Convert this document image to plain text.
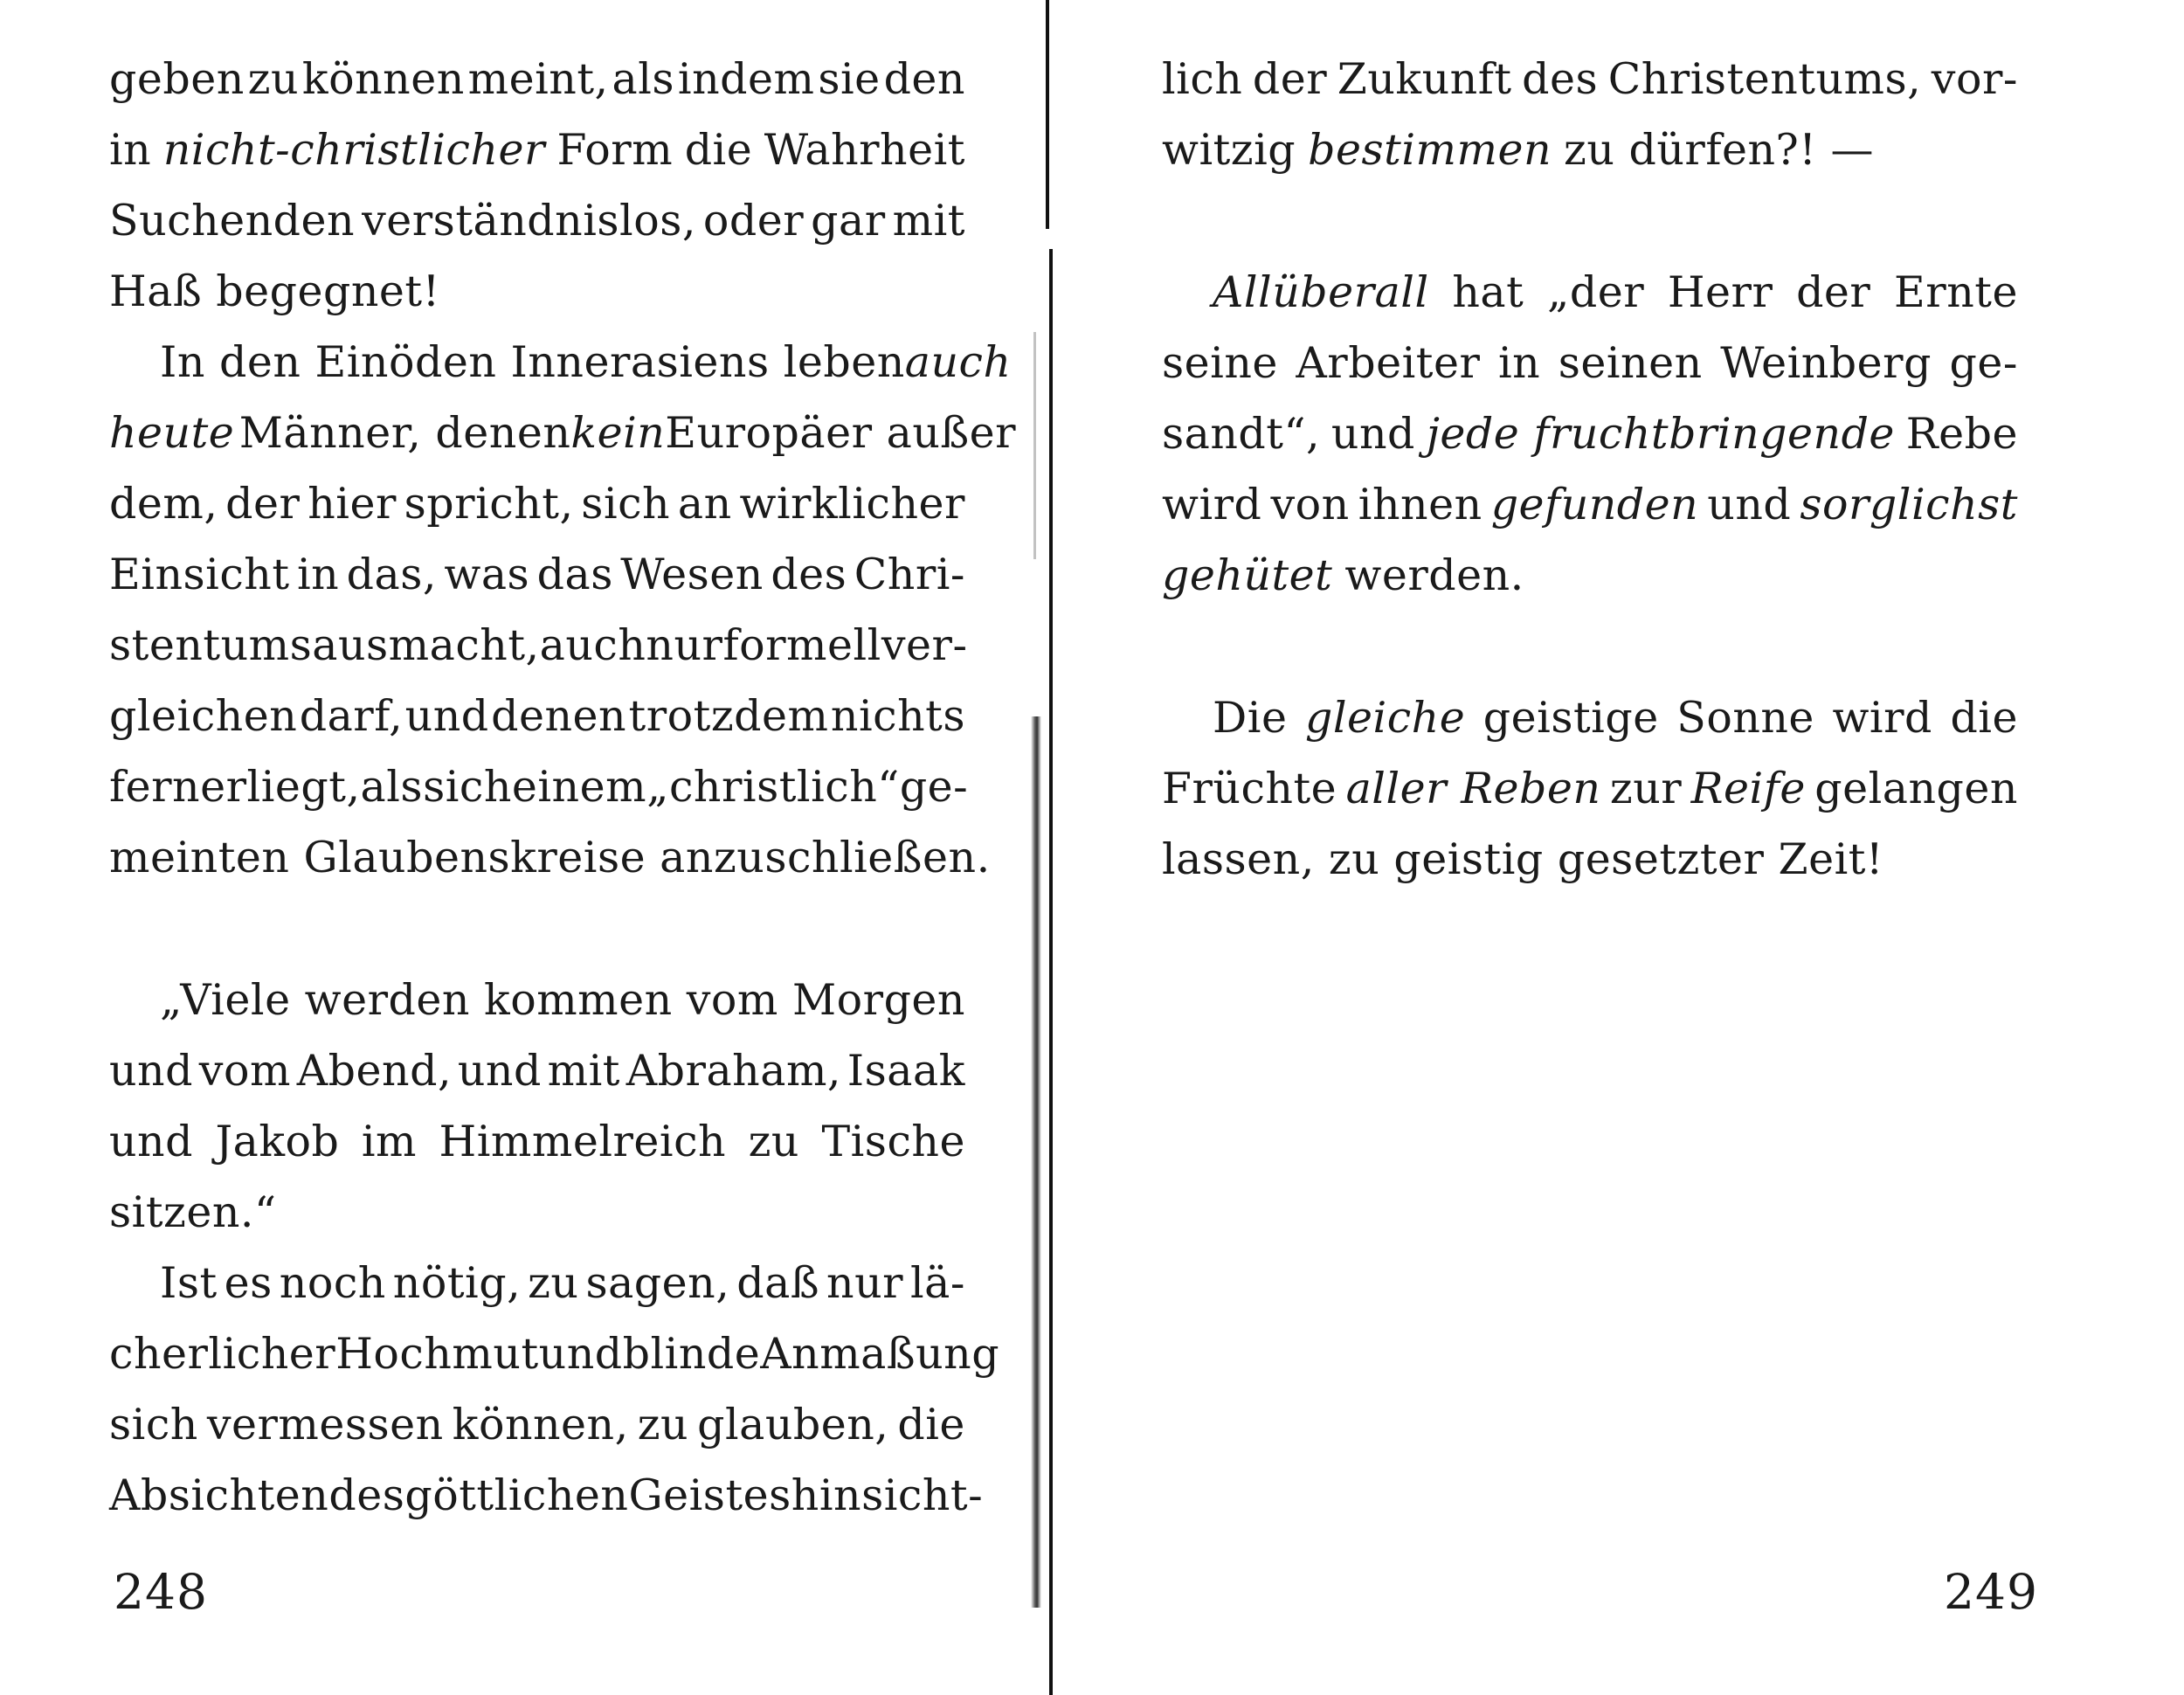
geben zu können meint, als indem sie den
in nicht-christlicher Form die Wahrheit
Suchenden verständnislos, oder gar mit
Haß begegnet!
In den Einöden Innerasiens leben auch
heute  Männer, denen kein Europäer außer
dem, der hier spricht, sich an wirklicher
Einsicht in das, was das Wesen des Chri-
stentums ausmacht, auch nur formell ver-
gleichen darf, und denen trotzdem nichts
ferner liegt, als sich einem „christlich“ ge-
meinten Glaubenskreise anzuschließen.
„Viele werden kommen vom Morgen
und vom Abend, und mit Abraham, Isaak
und Jakob im Himmelreich zu Tische
sitzen.“
Ist es noch nötig, zu sagen, daß nur lä-
cherlicher Hochmut und blinde Anmaßung
sich vermessen können, zu glauben, die
Absichten des göttlichen Geistes hinsicht-
248
lich der Zukunft des Christentums, vor-
witzig bestimmen zu dürfen?! —
Allüberall hat „der Herr der Ernte
seine Arbeiter in seinen Weinberg ge-
sandt“, und jede fruchtbringende Rebe
wird von ihnen gefunden und sorglichst
gehütet werden.
Die gleiche geistige Sonne wird die
Früchte aller Reben zur Reife gelangen
lassen, zu geistig gesetzter Zeit!
249
